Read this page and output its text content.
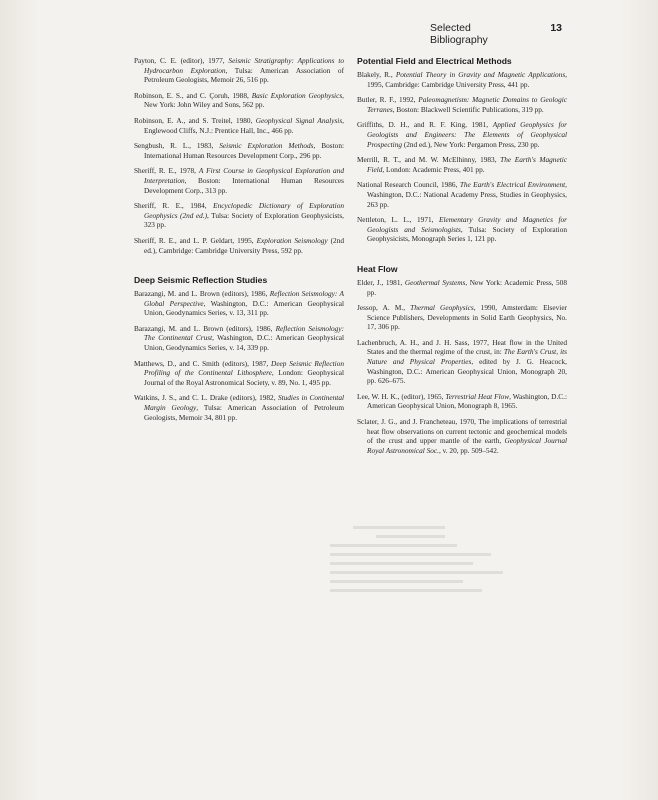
Selected Bibliography
13

Payton, C. E. (editor), 1977, Seismic Stratigraphy: Applications to Hydrocarbon Exploration, Tulsa: American Association of Petroleum Geologists, Memoir 26, 516 pp.

Robinson, E. S., and C. Çoruh, 1988, Basic Exploration Geophysics, New York: John Wiley and Sons, 562 pp.

Robinson, E. A., and S. Treitel, 1980, Geophysical Signal Analysis, Englewood Cliffs, N.J.: Prentice Hall, Inc., 466 pp.

Sengbush, R. L., 1983, Seismic Exploration Methods, Boston: International Human Resources Development Corp., 296 pp.

Sheriff, R. E., 1978, A First Course in Geophysical Exploration and Interpretation, Boston: International Human Resources Development Corp., 313 pp.

Sheriff, R. E., 1984, Encyclopedic Dictionary of Exploration Geophysics (2nd ed.), Tulsa: Society of Exploration Geophysicists, 323 pp.

Sheriff, R. E., and L. P. Geldart, 1995, Exploration Seismology (2nd ed.), Cambridge: Cambridge University Press, 592 pp.

Deep Seismic Reflection Studies

Barazangi, M. and L. Brown (editors), 1986, Reflection Seismology: A Global Perspective, Washington, D.C.: American Geophysical Union, Geodynamics Series, v. 13, 311 pp.

Barazangi, M. and L. Brown (editors), 1986, Reflection Seismology: The Continental Crust, Washington, D.C.: American Geophysical Union, Geodynamics Series, v. 14, 339 pp.

Matthews, D., and C. Smith (editors), 1987, Deep Seismic Reflection Profiling of the Continental Lithosphere, London: Geophysical Journal of the Royal Astronomical Society, v. 89, No. 1, 495 pp.

Watkins, J. S., and C. L. Drake (editors), 1982, Studies in Continental Margin Geology, Tulsa: American Association of Petroleum Geologists, Memoir 34, 801 pp.

Potential Field and Electrical Methods

Blakely, R., Potential Theory in Gravity and Magnetic Applications, 1995, Cambridge: Cambridge University Press, 441 pp.

Butler, R. F., 1992, Paleomagnetism: Magnetic Domains to Geologic Terranes, Boston: Blackwell Scientific Publications, 319 pp.

Griffiths, D. H., and R. F. King, 1981, Applied Geophysics for Geologists and Engineers: The Elements of Geophysical Prospecting (2nd ed.), New York: Pergamon Press, 230 pp.

Merrill, R. T., and M. W. McElhinny, 1983, The Earth's Magnetic Field, London: Academic Press, 401 pp.

National Research Council, 1986, The Earth's Electrical Environment, Washington, D.C.: National Academy Press, Studies in Geophysics, 263 pp.

Nettleton, L. L., 1971, Elementary Gravity and Magnetics for Geologists and Seismologists, Tulsa: Society of Exploration Geophysicists, Monograph Series 1, 121 pp.

Heat Flow

Elder, J., 1981, Geothermal Systems, New York: Academic Press, 508 pp.

Jessop, A. M., Thermal Geophysics, 1990, Amsterdam: Elsevier Science Publishers, Developments in Solid Earth Geophysics, No. 17, 306 pp.

Lachenbruch, A. H., and J. H. Sass, 1977, Heat flow in the United States and the thermal regime of the crust, in: The Earth's Crust, its Nature and Physical Properties, edited by J. G. Heacock, Washington, D.C.: American Geophysical Union, Monograph 20, pp. 626–675.

Lee, W. H. K., (editor), 1965, Terrestrial Heat Flow, Washington, D.C.: American Geophysical Union, Monograph 8, 1965.

Sclater, J. G., and J. Francheteau, 1970, The implications of terrestrial heat flow observations on current tectonic and geochemical models of the crust and upper mantle of the earth, Geophysical Journal Royal Astronomical Soc., v. 20, pp. 509–542.
